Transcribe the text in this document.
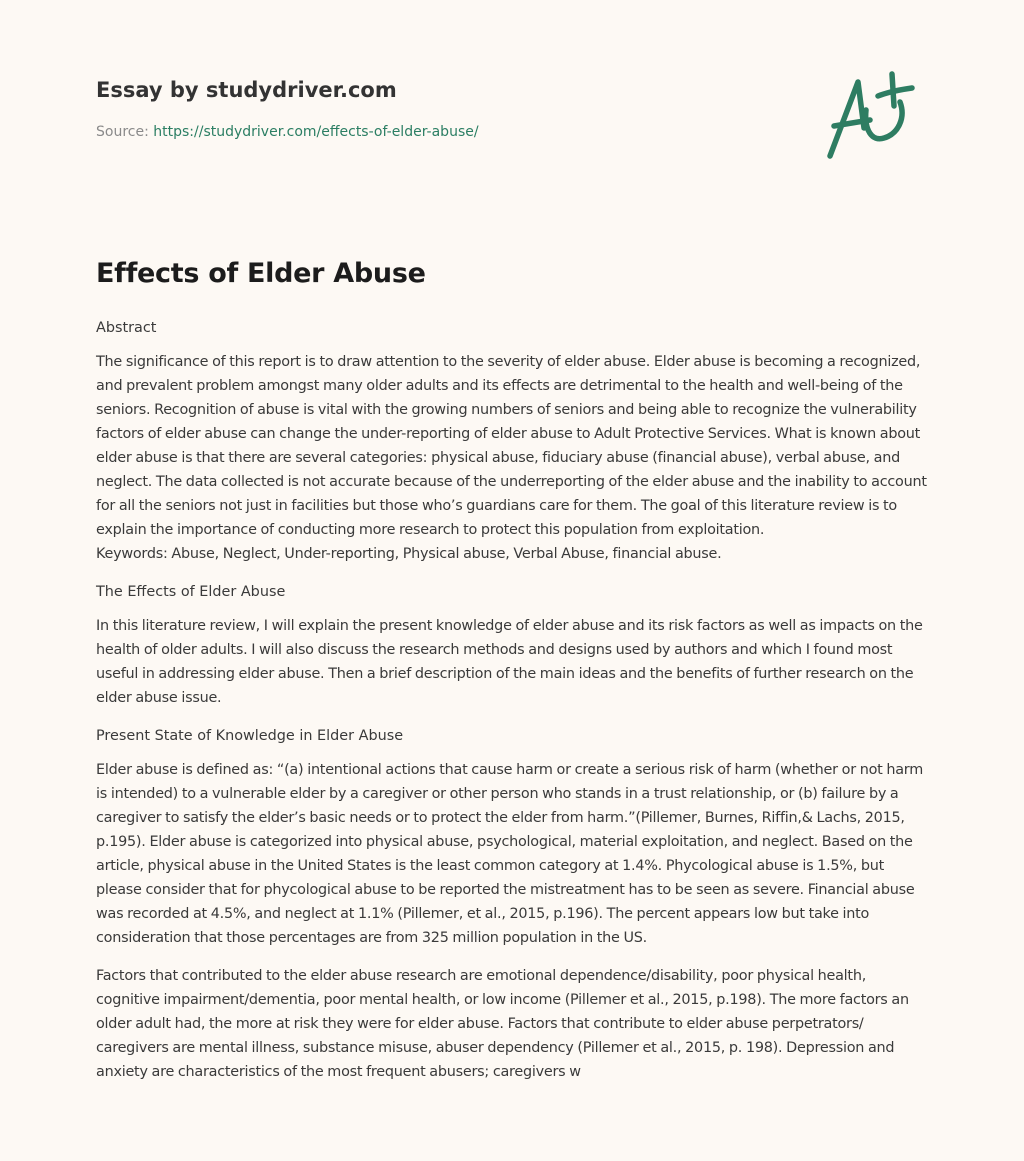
Essay by studydriver.com
Source: https://studydriver.com/effects-of-elder-abuse/
Effects of Elder Abuse
Abstract

The significance of this report is to draw attention to the severity of elder abuse. Elder abuse is becoming a recognized, and prevalent problem amongst many older adults and its effects are detrimental to the health and well-being of the seniors. Recognition of abuse is vital with the growing numbers of seniors and being able to recognize the vulnerability factors of elder abuse can change the under-reporting of elder abuse to Adult Protective Services. What is known about elder abuse is that there are several categories: physical abuse, fiduciary abuse (financial abuse), verbal abuse, and neglect. The data collected is not accurate because of the underreporting of the elder abuse and the inability to account for all the seniors not just in facilities but those who’s guardians care for them. The goal of this literature review is to explain the importance of conducting more research to protect this population from exploitation.
Keywords: Abuse, Neglect, Under-reporting, Physical abuse, Verbal Abuse, financial abuse.

The Effects of Elder Abuse

In this literature review, I will explain the present knowledge of elder abuse and its risk factors as well as impacts on the health of older adults. I will also discuss the research methods and designs used by authors and which I found most useful in addressing elder abuse. Then a brief description of the main ideas and the benefits of further research on the elder abuse issue.

Present State of Knowledge in Elder Abuse

Elder abuse is defined as: “(a) intentional actions that cause harm or create a serious risk of harm (whether or not harm is intended) to a vulnerable elder by a caregiver or other person who stands in a trust relationship, or (b) failure by a caregiver to satisfy the elder’s basic needs or to protect the elder from harm.”(Pillemer, Burnes, Riffin,& Lachs, 2015, p.195). Elder abuse is categorized into physical abuse, psychological, material exploitation, and neglect. Based on the article, physical abuse in the United States is the least common category at 1.4%. Phycological abuse is 1.5%, but please consider that for phycological abuse to be reported the mistreatment has to be seen as severe. Financial abuse was recorded at 4.5%, and neglect at 1.1% (Pillemer, et al., 2015, p.196). The percent appears low but take into consideration that those percentages are from 325 million population in the US.

Factors that contributed to the elder abuse research are emotional dependence/disability, poor physical health, cognitive impairment/dementia, poor mental health, or low income (Pillemer et al., 2015, p.198). The more factors an older adult had, the more at risk they were for elder abuse. Factors that contribute to elder abuse perpetrators/ caregivers are mental illness, substance misuse, abuser dependency (Pillemer et al., 2015, p. 198). Depression and anxiety are characteristics of the most frequent abusers; caregivers w
